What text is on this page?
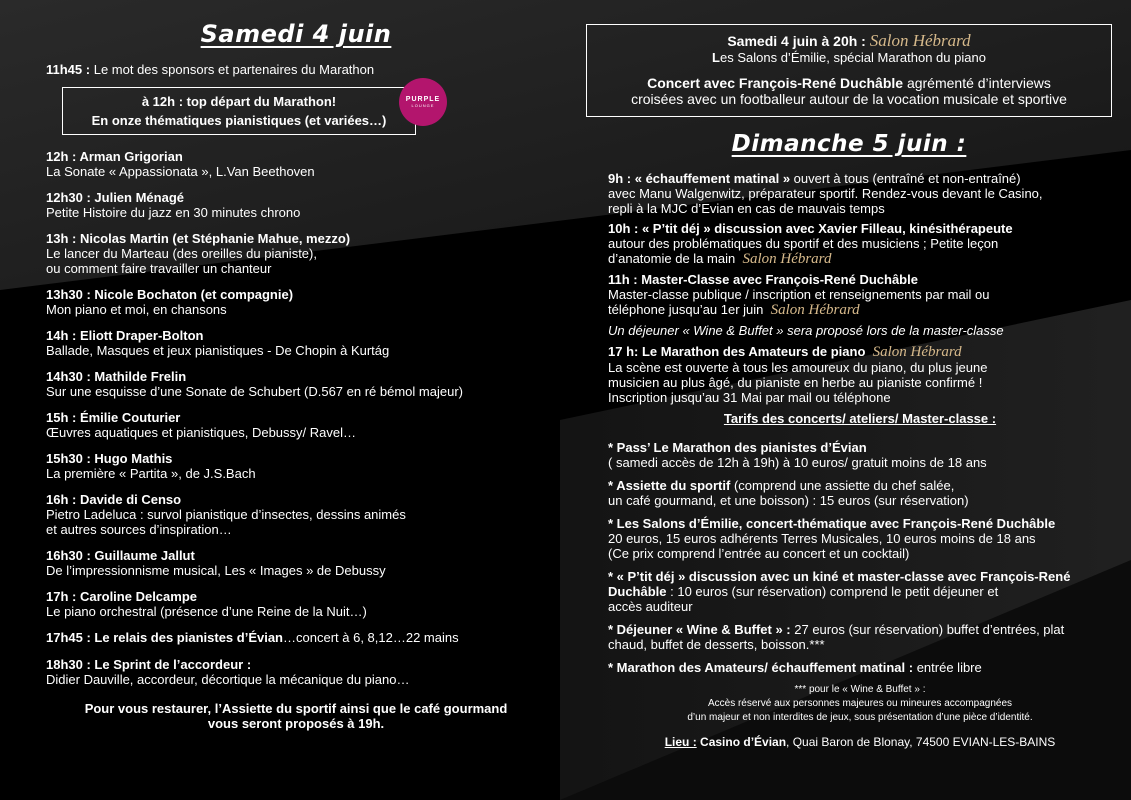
Samedi 4 juin
11h45 : Le mot des sponsors et partenaires du Marathon
à 12h : top départ du Marathon!
En onze thématiques pianistiques (et variées…)
12h : Arman Grigorian
La Sonate « Appassionata », L.Van Beethoven
12h30 : Julien Ménagé
Petite Histoire du jazz en 30 minutes chrono
13h : Nicolas Martin (et Stéphanie Mahue, mezzo)
Le lancer du Marteau (des oreilles du pianiste),
ou comment faire travailler un chanteur
13h30 : Nicole Bochaton (et compagnie)
Mon piano et moi, en chansons
14h : Eliott Draper-Bolton
Ballade, Masques et jeux pianistiques - De Chopin à Kurtág
14h30 : Mathilde Frelin
Sur une esquisse d’une Sonate de Schubert (D.567 en ré bémol majeur)
15h : Émilie Couturier
Œuvres aquatiques et pianistiques, Debussy/ Ravel…
15h30 : Hugo Mathis
La première « Partita », de J.S.Bach
16h : Davide di Censo
Pietro Ladeluca : survol pianistique d’insectes, dessins animés
et autres sources d’inspiration…
16h30 : Guillaume Jallut
De l’impressionnisme musical, Les « Images » de Debussy
17h : Caroline Delcampe
Le piano orchestral (présence d’une Reine de la Nuit…)
17h45 : Le relais des pianistes d’Évian…concert à 6, 8,12…22 mains
18h30 : Le Sprint de l’accordeur :
Didier Dauville, accordeur, décortique la mécanique du piano…
Pour vous restaurer, l’Assiette du sportif ainsi que le café gourmand
vous seront proposés à 19h.
PURPLE
LOUNGE
Samedi 4 juin à 20h : Salon Hébrard
Les Salons d’Émilie, spécial Marathon du piano
Concert avec François-René Duchâble agrémenté d’interviews
croisées avec un footballeur autour de la vocation musicale et sportive
Dimanche 5 juin :
9h : « échauffement matinal » ouvert à tous (entraîné et non-entraîné)
avec Manu Walgenwitz, préparateur sportif. Rendez-vous devant le Casino,
repli à la MJC d’Evian en cas de mauvais temps
10h : « P’tit déj » discussion avec Xavier Filleau, kinésithérapeute
autour des problématiques du sportif et des musiciens ; Petite leçon
d’anatomie de la main Salon Hébrard
11h : Master-Classe avec François-René Duchâble
Master-classe publique / inscription et renseignements par mail ou
téléphone jusqu’au 1er juin Salon Hébrard
Un déjeuner « Wine & Buffet » sera proposé lors de la master-classe
17 h: Le Marathon des Amateurs de piano Salon Hébrard
La scène est ouverte à tous les amoureux du piano, du plus jeune
musicien au plus âgé, du pianiste en herbe au pianiste confirmé !
Inscription jusqu’au 31 Mai par mail ou téléphone
Tarifs des concerts/ ateliers/ Master-classe :
* Pass’ Le Marathon des pianistes d’Évian
( samedi accès de 12h à 19h) à 10 euros/ gratuit moins de 18 ans
* Assiette du sportif (comprend une assiette du chef salée,
un café gourmand, et une boisson) : 15 euros (sur réservation)
* Les Salons d’Émilie, concert-thématique avec François-René Duchâble
20 euros, 15 euros adhérents Terres Musicales, 10 euros moins de 18 ans
(Ce prix comprend l’entrée au concert et un cocktail)
* « P’tit déj » discussion avec un kiné et master-classe avec François-René
Duchâble : 10 euros (sur réservation) comprend le petit déjeuner et
accès auditeur
* Déjeuner « Wine & Buffet » : 27 euros (sur réservation) buffet d’entrées, plat
chaud, buffet de desserts, boisson.***
* Marathon des Amateurs/ échauffement matinal : entrée libre
*** pour le « Wine & Buffet » :
Accès réservé aux personnes majeures ou mineures accompagnées
d’un majeur et non interdites de jeux, sous présentation d’une pièce d’identité.
Lieu : Casino d’Évian, Quai Baron de Blonay, 74500 EVIAN-LES-BAINS
